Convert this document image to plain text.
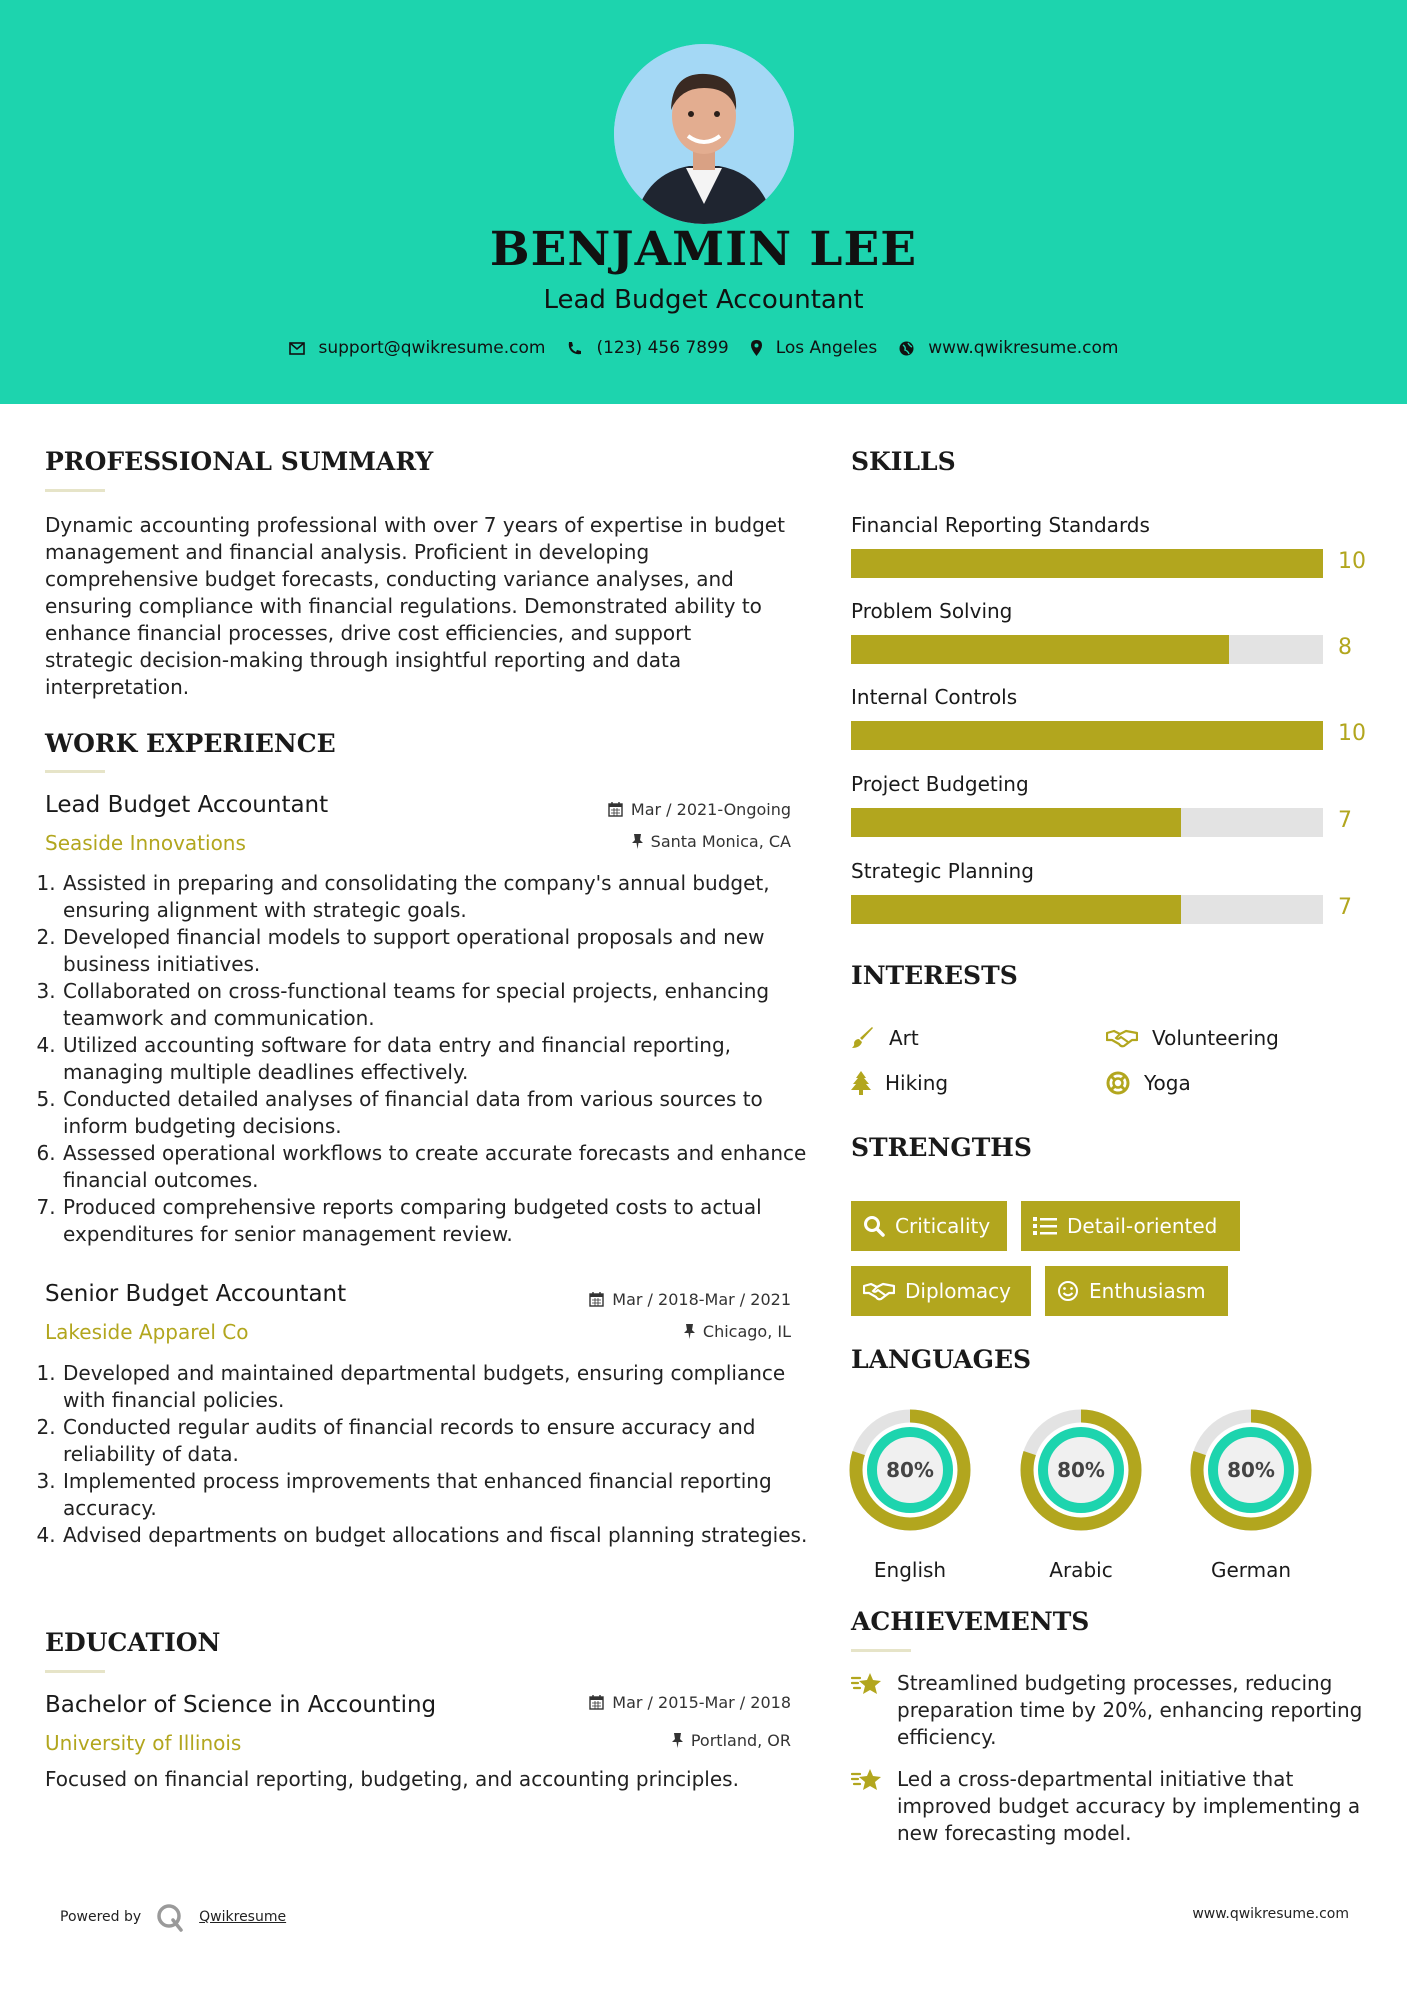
BENJAMIN LEE
Lead Budget Accountant
support@qwikresume.com	(123) 456 7899	Los Angeles	www.qwikresume.com
PROFESSIONAL SUMMARY
Dynamic accounting professional with over 7 years of expertise in budget management and financial analysis. Proficient in developing comprehensive budget forecasts, conducting variance analyses, and ensuring compliance with financial regulations. Demonstrated ability to enhance financial processes, drive cost efficiencies, and support strategic decision-making through insightful reporting and data interpretation.
WORK EXPERIENCE
Lead Budget Accountant	Mar / 2021-Ongoing
Seaside Innovations	Santa Monica, CA
1. Assisted in preparing and consolidating the company's annual budget, ensuring alignment with strategic goals.
2. Developed financial models to support operational proposals and new business initiatives.
3. Collaborated on cross-functional teams for special projects, enhancing teamwork and communication.
4. Utilized accounting software for data entry and financial reporting, managing multiple deadlines effectively.
5. Conducted detailed analyses of financial data from various sources to inform budgeting decisions.
6. Assessed operational workflows to create accurate forecasts and enhance financial outcomes.
7. Produced comprehensive reports comparing budgeted costs to actual expenditures for senior management review.
Senior Budget Accountant	Mar / 2018-Mar / 2021
Lakeside Apparel Co	Chicago, IL
1. Developed and maintained departmental budgets, ensuring compliance with financial policies.
2. Conducted regular audits of financial records to ensure accuracy and reliability of data.
3. Implemented process improvements that enhanced financial reporting accuracy.
4. Advised departments on budget allocations and fiscal planning strategies.
EDUCATION
Bachelor of Science in Accounting	Mar / 2015-Mar / 2018
University of Illinois	Portland, OR
Focused on financial reporting, budgeting, and accounting principles.
SKILLS
Financial Reporting Standards
10
Problem Solving
8
Internal Controls
10
Project Budgeting
7
Strategic Planning
7
INTERESTS
Art	Volunteering
Hiking	Yoga
STRENGTHS
Criticality	Detail-oriented
Diplomacy	Enthusiasm
LANGUAGES
80%
English
80%
Arabic
80%
German
ACHIEVEMENTS
Streamlined budgeting processes, reducing preparation time by 20%, enhancing reporting efficiency.
Led a cross-departmental initiative that improved budget accuracy by implementing a new forecasting model.
Powered by	Qwikresume	www.qwikresume.com
